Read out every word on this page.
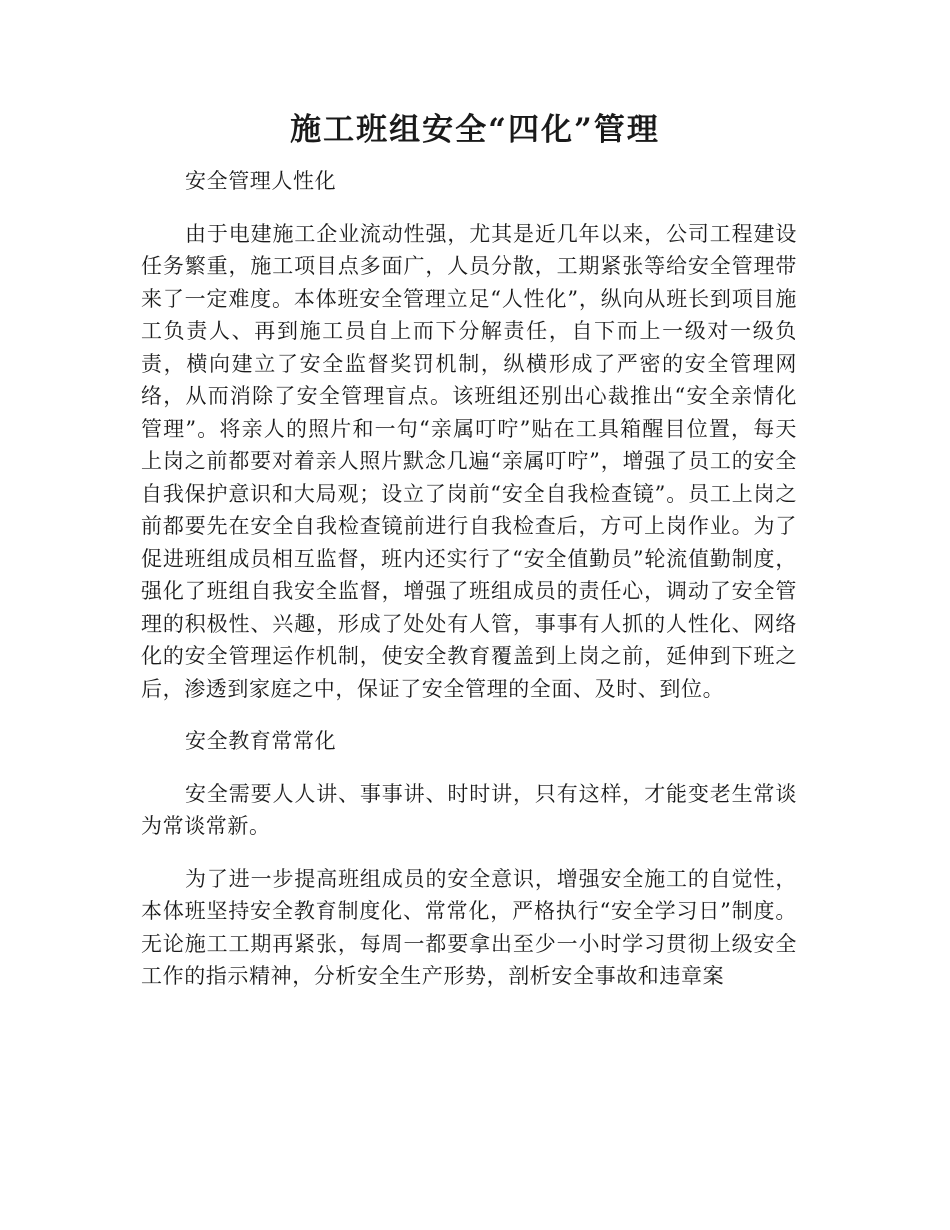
施工班组安全“四化”管理

安全管理人性化

由于电建施工企业流动性强，尤其是近几年以来，公司工程建设任务繁重，施工项目点多面广，人员分散，工期紧张等给安全管理带来了一定难度。本体班安全管理立足“人性化”，纵向从班长到项目施工负责人、再到施工员自上而下分解责任，自下而上一级对一级负责，横向建立了安全监督奖罚机制，纵横形成了严密的安全管理网络，从而消除了安全管理盲点。该班组还别出心裁推出“安全亲情化管理”。将亲人的照片和一句“亲属叮咛”贴在工具箱醒目位置，每天上岗之前都要对着亲人照片默念几遍“亲属叮咛”，增强了员工的安全自我保护意识和大局观；设立了岗前“安全自我检查镜”。员工上岗之前都要先在安全自我检查镜前进行自我检查后，方可上岗作业。为了促进班组成员相互监督，班内还实行了“安全值勤员”轮流值勤制度，强化了班组自我安全监督，增强了班组成员的责任心，调动了安全管理的积极性、兴趣，形成了处处有人管，事事有人抓的人性化、网络化的安全管理运作机制，使安全教育覆盖到上岗之前，延伸到下班之后，渗透到家庭之中，保证了安全管理的全面、及时、到位。

安全教育常常化

安全需要人人讲、事事讲、时时讲，只有这样，才能变老生常谈为常谈常新。

为了进一步提高班组成员的安全意识，增强安全施工的自觉性，本体班坚持安全教育制度化、常常化，严格执行“安全学习日”制度。无论施工工期再紧张，每周一都要拿出至少一小时学习贯彻上级安全工作的指示精神，分析安全生产形势，剖析安全事故和违章案
